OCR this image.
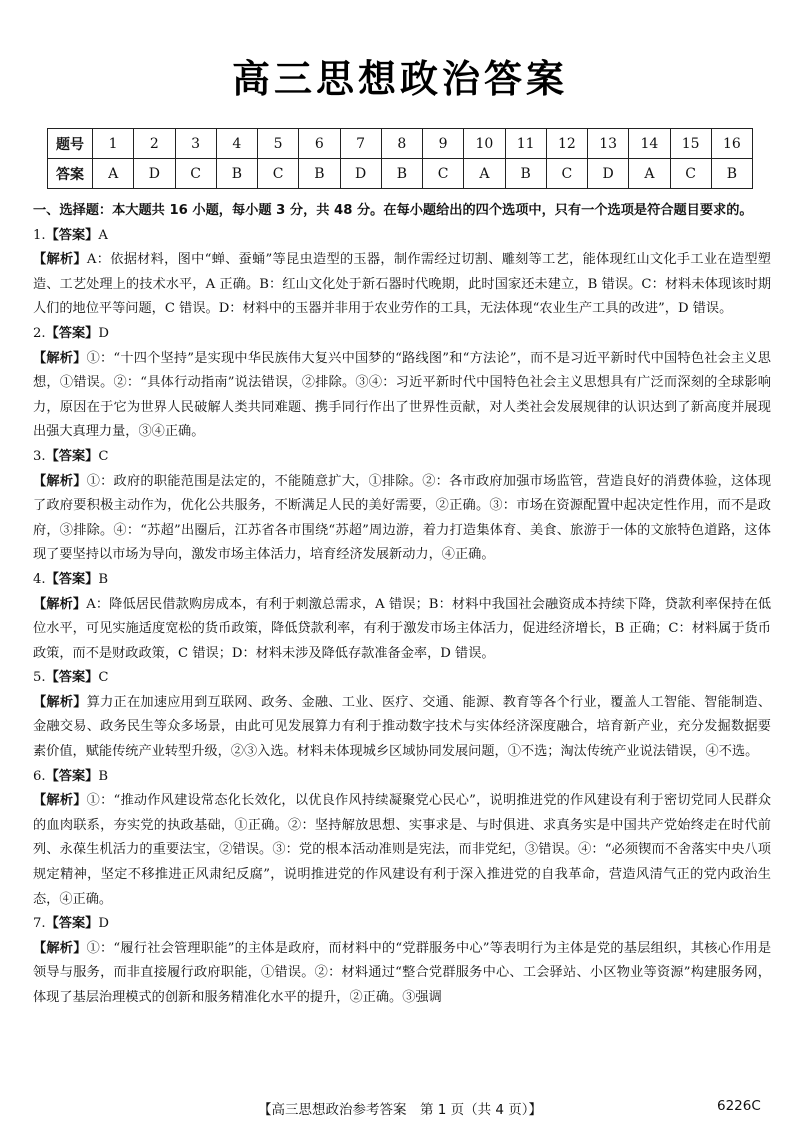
高三思想政治答案
题号	1	2	3	4	5	6	7	8	9	10	11	12	13	14	15	16
答案	A	D	C	B	C	B	D	B	C	A	B	C	D	A	C	B

一、选择题：本大题共 16 小题，每小题 3 分，共 48 分。在每小题给出的四个选项中，只有一个选项是符合题目要求的。

1.【答案】A

【解析】A：依据材料，图中“蝉、蚕蛹”等昆虫造型的玉器，制作需经过切割、雕刻等工艺，能体现红山文化手工业在造型塑造、工艺处理上的技术水平，A 正确。B：红山文化处于新石器时代晚期，此时国家还未建立，B 错误。C：材料未体现该时期人们的地位平等问题，C 错误。D：材料中的玉器并非用于农业劳作的工具，无法体现“农业生产工具的改进”，D 错误。

2.【答案】D

【解析】①：“十四个坚持”是实现中华民族伟大复兴中国梦的“路线图”和“方法论”，而不是习近平新时代中国特色社会主义思想，①错误。②：“具体行动指南”说法错误，②排除。③④：习近平新时代中国特色社会主义思想具有广泛而深刻的全球影响力，原因在于它为世界人民破解人类共同难题、携手同行作出了世界性贡献，对人类社会发展规律的认识达到了新高度并展现出强大真理力量，③④正确。

3.【答案】C

【解析】①：政府的职能范围是法定的，不能随意扩大，①排除。②：各市政府加强市场监管，营造良好的消费体验，这体现了政府要积极主动作为，优化公共服务，不断满足人民的美好需要，②正确。③：市场在资源配置中起决定性作用，而不是政府，③排除。④：“苏超”出圈后，江苏省各市围绕“苏超”周边游，着力打造集体育、美食、旅游于一体的文旅特色道路，这体现了要坚持以市场为导向，激发市场主体活力，培育经济发展新动力，④正确。

4.【答案】B

【解析】A：降低居民借款购房成本，有利于刺激总需求，A 错误；B：材料中我国社会融资成本持续下降，贷款利率保持在低位水平，可见实施适度宽松的货币政策，降低贷款利率，有利于激发市场主体活力，促进经济增长，B 正确；C：材料属于货币政策，而不是财政政策，C 错误；D：材料未涉及降低存款准备金率，D 错误。

5.【答案】C

【解析】算力正在加速应用到互联网、政务、金融、工业、医疗、交通、能源、教育等各个行业，覆盖人工智能、智能制造、金融交易、政务民生等众多场景，由此可见发展算力有利于推动数字技术与实体经济深度融合，培育新产业，充分发掘数据要素价值，赋能传统产业转型升级，②③入选。材料未体现城乡区域协同发展问题，①不选；淘汰传统产业说法错误，④不选。

6.【答案】B

【解析】①：“推动作风建设常态化长效化，以优良作风持续凝聚党心民心”，说明推进党的作风建设有利于密切党同人民群众的血肉联系，夯实党的执政基础，①正确。②：坚持解放思想、实事求是、与时俱进、求真务实是中国共产党始终走在时代前列、永葆生机活力的重要法宝，②错误。③：党的根本活动准则是宪法，而非党纪，③错误。④：“必须锲而不舍落实中央八项规定精神，坚定不移推进正风肃纪反腐”，说明推进党的作风建设有利于深入推进党的自我革命，营造风清气正的党内政治生态，④正确。

7.【答案】D

【解析】①：“履行社会管理职能”的主体是政府，而材料中的“党群服务中心”等表明行为主体是党的基层组织，其核心作用是领导与服务，而非直接履行政府职能，①错误。②：材料通过“整合党群服务中心、工会驿站、小区物业等资源”构建服务网，体现了基层治理模式的创新和服务精准化水平的提升，②正确。③强调

【高三思想政治参考答案　第 1 页（共 4 页）】	6226C
